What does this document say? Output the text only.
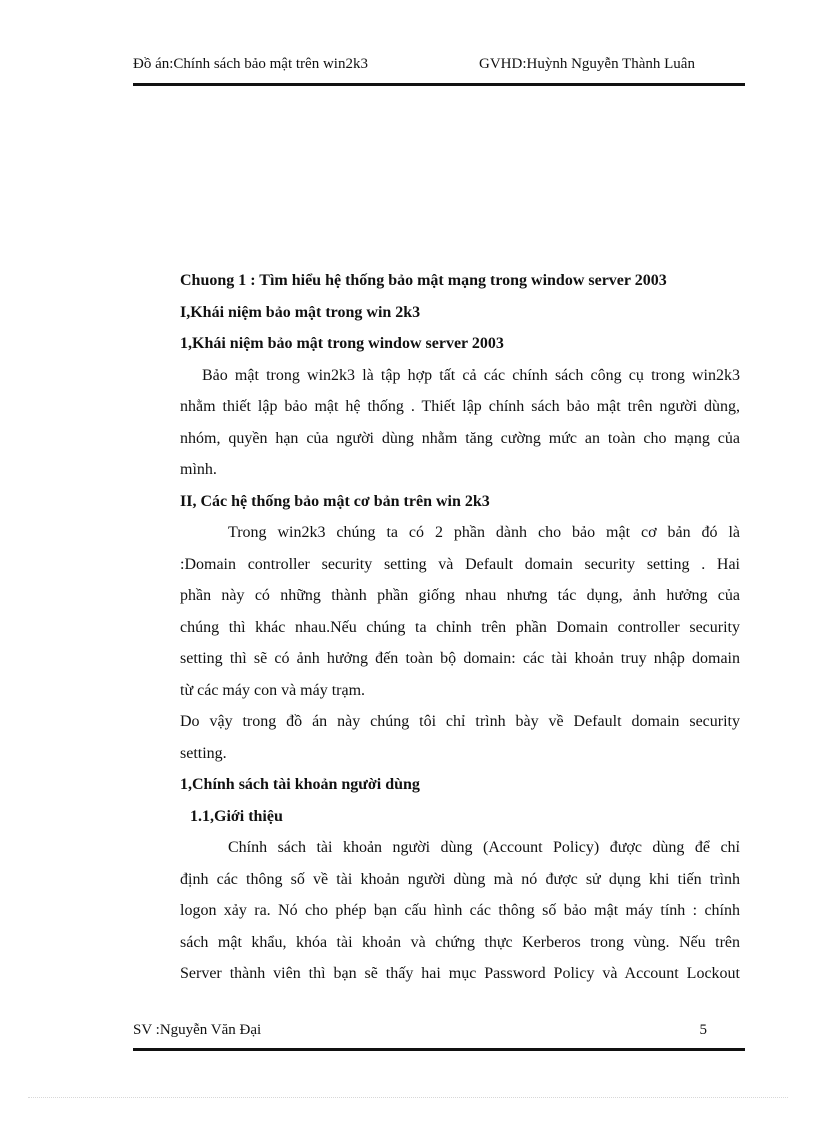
Đồ án:Chính sách bảo mật trên win2k3	GVHD:Huỳnh Nguyễn Thành Luân
Chuong 1 : Tìm hiểu hệ thống bảo mật mạng trong window server 2003
I,Khái niệm bảo mật trong win 2k3
1,Khái niệm bảo mật trong window server 2003
Bảo mật trong win2k3 là tập hợp tất cả các chính sách công cụ trong win2k3
nhằm thiết lập bảo mật hệ thống . Thiết lập chính sách bảo mật trên người dùng,
nhóm, quyền hạn của người dùng nhằm tăng cường mức an toàn cho mạng của
mình.
II, Các hệ thống bảo mật cơ bản trên win 2k3
Trong win2k3 chúng ta có 2 phần dành cho bảo mật cơ bản đó là
:Domain controller security setting và Default domain security setting . Hai
phần này có những thành phần giống nhau nhưng tác dụng, ảnh hưởng của
chúng thì khác nhau.Nếu chúng ta chỉnh trên phần Domain controller security
setting thì sẽ có ảnh hưởng đến toàn bộ domain: các tài khoản truy nhập domain
từ các máy con và máy trạm.
Do vậy trong đồ án này chúng tôi chỉ trình bày về Default domain security
setting.
1,Chính sách tài khoản người dùng
1.1,Giới thiệu
Chính sách tài khoản người dùng (Account Policy) được dùng để chỉ
định các thông số về tài khoản người dùng mà nó được sử dụng khi tiến trình
logon xảy ra. Nó cho phép bạn cấu hình các thông số bảo mật máy tính : chính
sách mật khẩu, khóa tài khoản và chứng thực Kerberos trong vùng. Nếu trên
Server thành viên thì bạn sẽ thấy hai mục Password Policy và Account Lockout
SV :Nguyễn Văn Đại	5
